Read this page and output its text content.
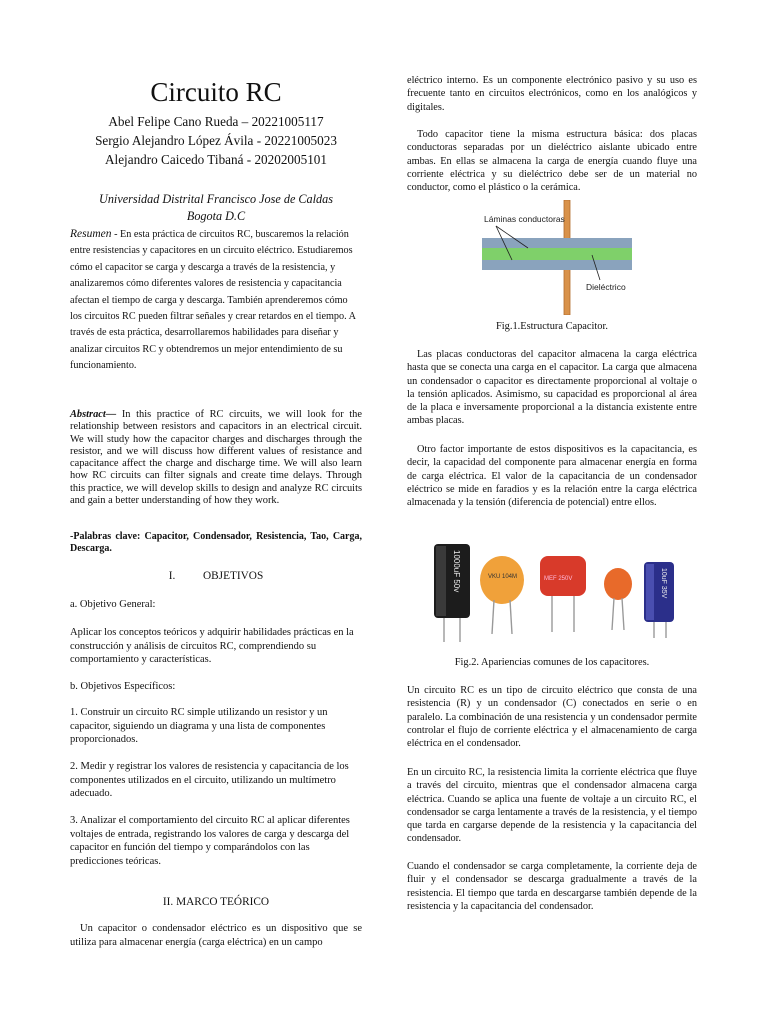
Circuito RC
Abel Felipe Cano Rueda – 20221005117
Sergio Alejandro López Ávila - 20221005023
Alejandro Caicedo Tibaná - 20202005101
Universidad Distrital Francisco Jose de Caldas
Bogota D.C
Resumen - En esta práctica de circuitos RC, buscaremos la relación entre resistencias y capacitores en un circuito eléctrico. Estudiaremos cómo el capacitor se carga y descarga a través de la resistencia, y analizaremos cómo diferentes valores de resistencia y capacitancia afectan el tiempo de carga y descarga. También aprenderemos cómo los circuitos RC pueden filtrar señales y crear retardos en el tiempo. A través de esta práctica, desarrollaremos habilidades para diseñar y analizar circuitos RC y obtendremos un mejor entendimiento de su funcionamiento.
Abstract— In this practice of RC circuits, we will look for the relationship between resistors and capacitors in an electrical circuit. We will study how the capacitor charges and discharges through the resistor, and we will discuss how different values of resistance and capacitance affect the charge and discharge time. We will also learn how RC circuits can filter signals and create time delays. Through this practice, we will develop skills to design and analyze RC circuits and gain a better understanding of how they work.
-Palabras clave: Capacitor, Condensador, Resistencia, Tao, Carga, Descarga.
I. OBJETIVOS
a. Objetivo General:
Aplicar los conceptos teóricos y adquirir habilidades prácticas en la construcción y análisis de circuitos RC, comprendiendo su comportamiento y características.
b. Objetivos Específicos:
1. Construir un circuito RC simple utilizando un resistor y un capacitor, siguiendo un diagrama y una lista de componentes proporcionados.
2. Medir y registrar los valores de resistencia y capacitancia de los componentes utilizados en el circuito, utilizando un multímetro adecuado.
3. Analizar el comportamiento del circuito RC al aplicar diferentes voltajes de entrada, registrando los valores de carga y descarga del capacitor en función del tiempo y comparándolos con las predicciones teóricas.
II. MARCO TEÓRICO
Un capacitor o condensador eléctrico es un dispositivo que se utiliza para almacenar energía (carga eléctrica) en un campo
eléctrico interno. Es un componente electrónico pasivo y su uso es frecuente tanto en circuitos electrónicos, como en los analógicos y digitales.
Todo capacitor tiene la misma estructura básica: dos placas conductoras separadas por un dieléctrico aislante ubicado entre ambas. En ellas se almacena la carga de energía cuando fluye una corriente eléctrica y su dieléctrico debe ser de un material no conductor, como el plástico o la cerámica.
Láminas conductoras
Dieléctrico
Fig.1.Estructura Capacitor.
Las placas conductoras del capacitor almacena la carga eléctrica hasta que se conecta una carga en el capacitor. La carga que almacena un condensador o capacitor es directamente proporcional al voltaje o la tensión aplicados. Asimismo, su capacidad es proporcional al área de la placa e inversamente proporcional a la distancia existente entre ambas placas.
Otro factor importante de estos dispositivos es la capacitancia, es decir, la capacidad del componente para almacenar energía en forma de carga eléctrica. El valor de la capacitancia de un condensador eléctrico se mide en faradios y es la relación entre la carga eléctrica almacenada y la tensión (diferencia de potencial) entre ellos.
1000uF 50v	VKU 104M	MEF 250V	10uF 35V
Fig.2. Apariencias comunes de los capacitores.
Un circuito RC es un tipo de circuito eléctrico que consta de una resistencia (R) y un condensador (C) conectados en serie o en paralelo. La combinación de una resistencia y un condensador permite controlar el flujo de corriente eléctrica y el almacenamiento de carga eléctrica en el condensador.
En un circuito RC, la resistencia limita la corriente eléctrica que fluye a través del circuito, mientras que el condensador almacena carga eléctrica. Cuando se aplica una fuente de voltaje a un circuito RC, el condensador se carga lentamente a través de la resistencia, y el tiempo que tarda en cargarse depende de la resistencia y la capacitancia del condensador.
Cuando el condensador se carga completamente, la corriente deja de fluir y el condensador se descarga gradualmente a través de la resistencia. El tiempo que tarda en descargarse también depende de la resistencia y la capacitancia del condensador.
